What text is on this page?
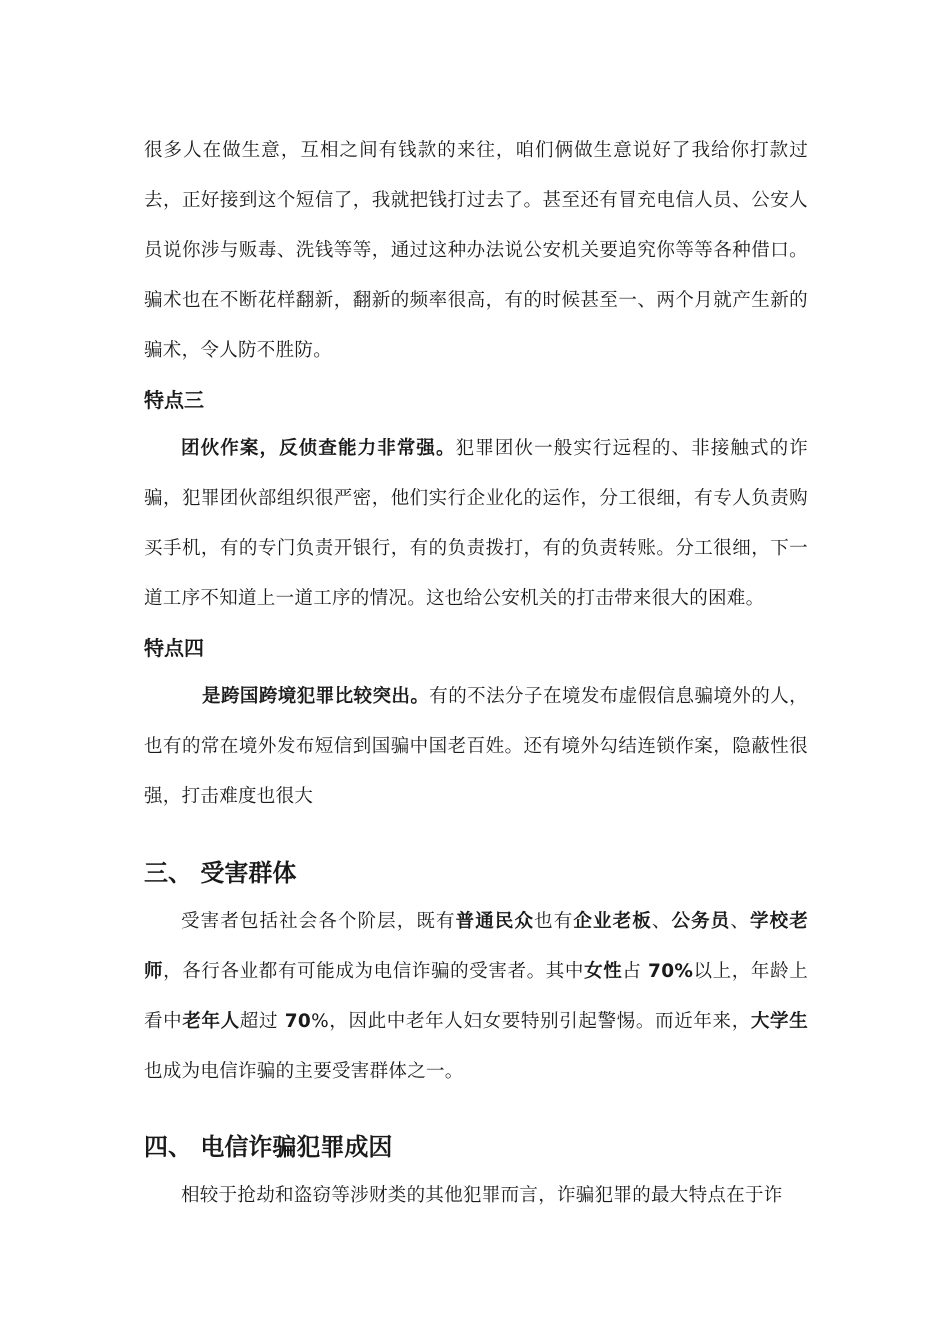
很多人在做生意，互相之间有钱款的来往，咱们俩做生意说好了我给你打款过去，正好接到这个短信了，我就把钱打过去了。甚至还有冒充电信人员、公安人员说你涉与贩毒、洗钱等等，通过这种办法说公安机关要追究你等等各种借口。骗术也在不断花样翻新，翻新的频率很高，有的时候甚至一、两个月就产生新的骗术，令人防不胜防。

特点三

团伙作案，反侦查能力非常强。犯罪团伙一般实行远程的、非接触式的诈骗，犯罪团伙部组织很严密，他们实行企业化的运作，分工很细，有专人负责购买手机，有的专门负责开银行，有的负责拨打，有的负责转账。分工很细，下一道工序不知道上一道工序的情况。这也给公安机关的打击带来很大的困难。

特点四

是跨国跨境犯罪比较突出。有的不法分子在境发布虚假信息骗境外的人，也有的常在境外发布短信到国骗中国老百姓。还有境外勾结连锁作案，隐蔽性很强，打击难度也很大

三、 受害群体

受害者包括社会各个阶层，既有普通民众也有企业老板、公务员、学校老师，各行各业都有可能成为电信诈骗的受害者。其中女性占 70%以上，年龄上看中老年人超过 70%，因此中老年人妇女要特别引起警惕。而近年来，大学生也成为电信诈骗的主要受害群体之一。

四、 电信诈骗犯罪成因

相较于抢劫和盗窃等涉财类的其他犯罪而言，诈骗犯罪的最大特点在于诈
